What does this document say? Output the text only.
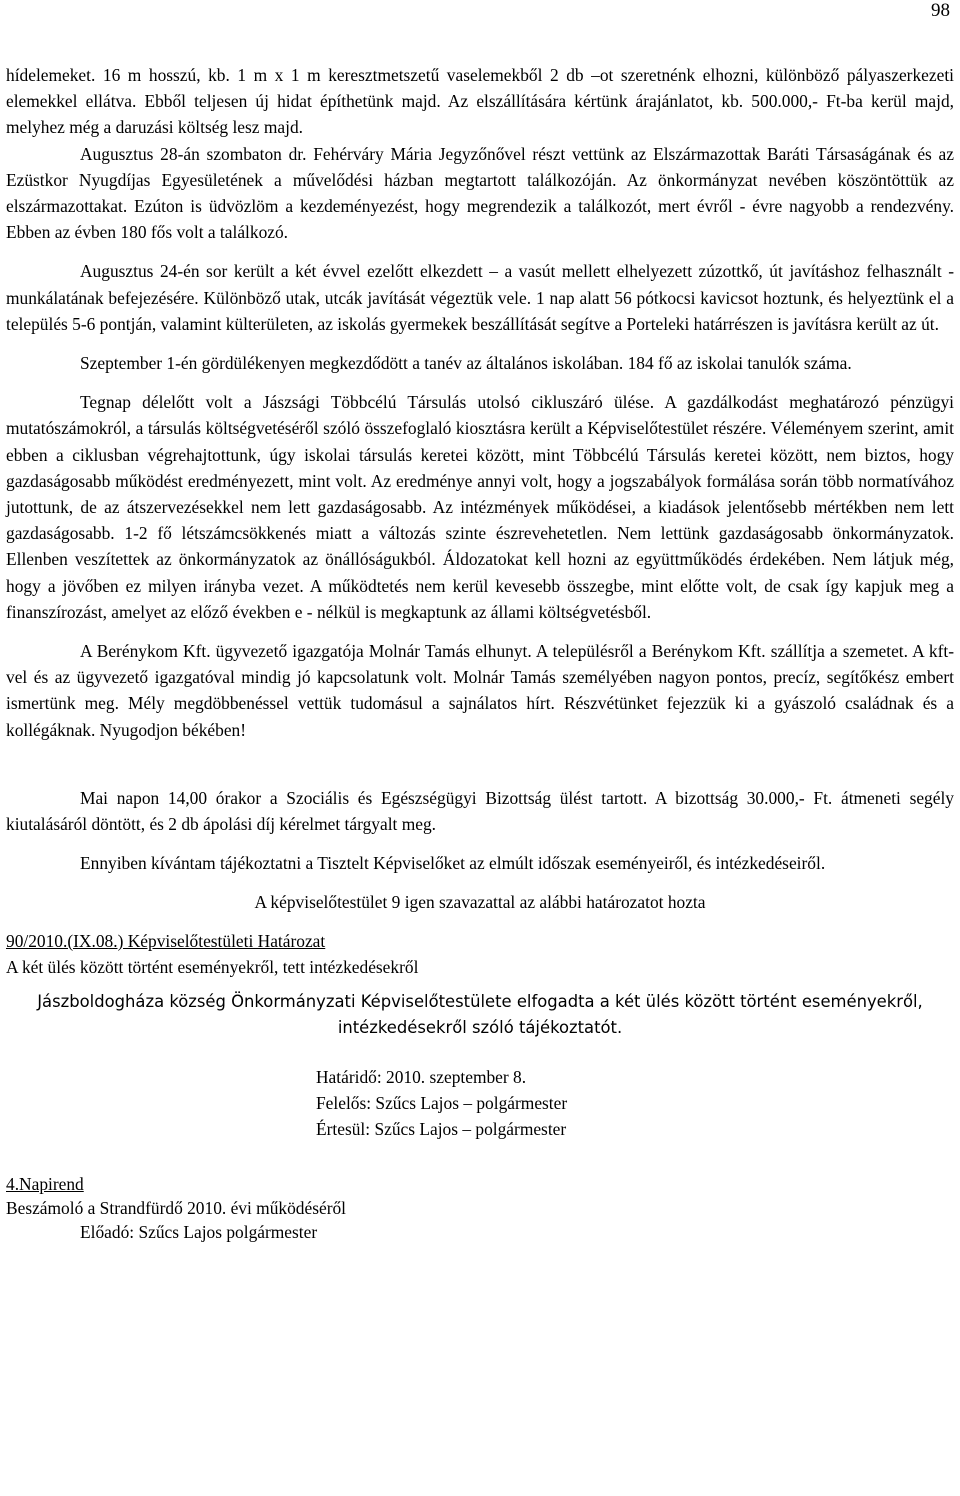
98

hídelemeket. 16 m hosszú, kb. 1 m x 1 m keresztmetszetű vaselemekből 2 db –ot szeretnénk elhozni, különböző pályaszerkezeti elemekkel ellátva. Ebből teljesen új hidat építhetünk majd. Az elszállítására kértünk árajánlatot, kb. 500.000,- Ft-ba kerül majd, melyhez még a daruzási költség lesz majd.

Augusztus 28-án szombaton dr. Fehérváry Mária Jegyzőnővel részt vettünk az Elszármazottak Baráti Társaságának és az Ezüstkor Nyugdíjas Egyesületének a művelődési házban megtartott találkozóján. Az önkormányzat nevében köszöntöttük az elszármazottakat. Ezúton is üdvözlöm a kezdeményezést, hogy megrendezik a találkozót, mert évről - évre nagyobb a rendezvény. Ebben az évben 180 fős volt a találkozó.

Augusztus 24-én sor került a két évvel ezelőtt elkezdett – a vasút mellett elhelyezett zúzottkő, út javításhoz felhasznált - munkálatának befejezésére. Különböző utak, utcák javítását végeztük vele. 1 nap alatt 56 pótkocsi kavicsot hoztunk, és helyeztünk el a település 5-6 pontján, valamint külterületen, az iskolás gyermekek beszállítását segítve a Porteleki határrészen is javításra került az út.

Szeptember 1-én gördülékenyen megkezdődött a tanév az általános iskolában. 184 fő az iskolai tanulók száma.

Tegnap délelőtt volt a Jászsági Többcélú Társulás utolsó cikluszáró ülése. A gazdálkodást meghatározó pénzügyi mutatószámokról, a társulás költségvetéséről szóló összefoglaló kiosztásra került a Képviselőtestület részére. Véleményem szerint, amit ebben a ciklusban végrehajtottunk, úgy iskolai társulás keretei között, mint Többcélú Társulás keretei között, nem biztos, hogy gazdaságosabb működést eredményezett, mint volt. Az eredménye annyi volt, hogy a jogszabályok formálása során több normatívához jutottunk, de az átszervezésekkel nem lett gazdaságosabb. Az intézmények működései, a kiadások jelentősebb mértékben nem lett gazdaságosabb. 1-2 fő létszámcsökkenés miatt a változás szinte észrevehetetlen. Nem lettünk gazdaságosabb önkormányzatok. Ellenben veszítettek az önkormányzatok az önállóságukból. Áldozatokat kell hozni az együttműködés érdekében. Nem látjuk még, hogy a jövőben ez milyen irányba vezet. A működtetés nem kerül kevesebb összegbe, mint előtte volt, de csak így kapjuk meg a finanszírozást, amelyet az előző években e - nélkül is megkaptunk az állami költségvetésből.

A Berénykom Kft. ügyvezető igazgatója Molnár Tamás elhunyt. A településről a Berénykom Kft. szállítja a szemetet. A kft-vel és az ügyvezető igazgatóval mindig jó kapcsolatunk volt. Molnár Tamás személyében nagyon pontos, precíz, segítőkész embert ismertünk meg. Mély megdöbbenéssel vettük tudomásul a sajnálatos hírt. Részvétünket fejezzük ki a gyászoló családnak és a kollégáknak. Nyugodjon békében!

Mai napon 14,00 órakor a Szociális és Egészségügyi Bizottság ülést tartott. A bizottság 30.000,- Ft. átmeneti segély kiutalásáról döntött, és 2 db ápolási díj kérelmet tárgyalt meg.

Ennyiben kívántam tájékoztatni a Tisztelt Képviselőket az elmúlt időszak eseményeiről, és intézkedéseiről.

A képviselőtestület 9 igen szavazattal az alábbi határozatot hozta

90/2010.(IX.08.) Képviselőtestületi Határozat
A két ülés között történt eseményekről, tett intézkedésekről

Jászboldogháza község Önkormányzati Képviselőtestülete elfogadta a két ülés között történt eseményekről, intézkedésekről szóló tájékoztatót.

Határidő: 2010. szeptember 8.
Felelős: Szűcs Lajos – polgármester
Értesül: Szűcs Lajos – polgármester
4.Napirend
Beszámoló a Strandfürdő 2010. évi működéséről
Előadó: Szűcs Lajos polgármester
